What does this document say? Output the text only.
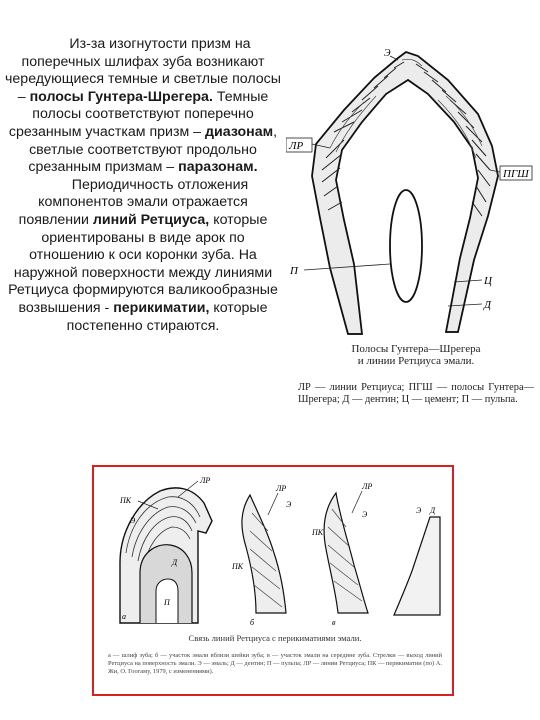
Из-за изогнутости призм на поперечных шлифах зуба возникают чередующиеся темные и светлые полосы – полосы Гунтера-Шрегера. Темные полосы соответствуют поперечно срезанным участкам призм – диазонам, светлые соответствуют продольно срезанным призмам – паразонам.

Периодичность отложения компонентов эмали отражается появлении линий Ретциуса, которые ориентированы в виде арок по отношению к оси коронки зуба. На наружной поверхности между линиями Ретциуса формируются валикообразные возвышения - перикиматии, которые постепенно стираются.

ЛР
ПГШ
Э
П
Ц
Д
Полосы Гунтера—Шрегера
и линии Ретциуса эмали.
ЛР — линии Ретциуса; ПГШ — полосы Гунтера—Шрегера; Д — дентин; Ц — цемент; П — пульпа.
ЛР
ПК
Э
Д
П
а
ЛР
ПК
Э
б
ЛР
ПК
Э
в
Э Д
Связь линий Ретциуса с перикиматиями эмали.
а — шлиф зуба; б — участок эмали вблизи шейки зуба; в — участок эмали на середине зуба. Стрелки — выход линий Ретциуса на поверхность эмали. Э — эмаль; Д — дентин; П — пульпа; ЛР — линии Ретциуса; ПК — перикиматии (по) А. Жи, О. Гоогаму, 1979, с изменениями).
